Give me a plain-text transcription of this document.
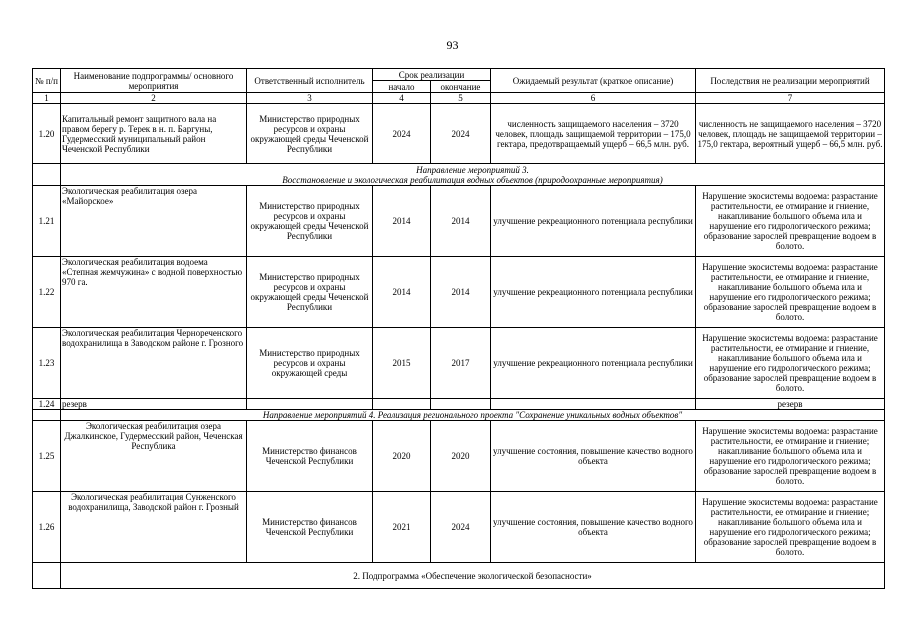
93
№ п/п	Наименование подпрограммы/ основного мероприятия	Ответственный исполнитель	Срок реализации		Ожидаемый результат (краткое описание)	Последствия не реализации мероприятий
			начало	окончание		
1	2	3	4	5	6	7
1.20	Капитальный ремонт защитного вала на правом берегу р. Терек в н. п. Баргуны, Гудермесский муниципальный район Чеченской Республики	Министерство природных ресурсов и охраны окружающей среды Чеченской Республики	2024	2024	численность защищаемого населения – 3720 человек, площадь защищаемой территории – 175,0 гектара, предотвращаемый ущерб – 66,5 млн. руб.	численность не защищаемого населения – 3720 человек, площадь не защищаемой территории – 175,0 гектара, вероятный ущерб – 66,5 млн. руб.

	Направление мероприятий 3.
Восстановление и экологическая реабилитация водных объектов (природоохранные мероприятия)					

1.21	Экологическая реабилитация озера «Майорское»	Министерство природных ресурсов и охраны окружающей среды Чеченской Республики	2014	2014	улучшение рекреационного потенциала республики	Нарушение экосистемы водоема: разрастание растительности, ее отмирание и гниение, накапливание большого объема ила и нарушение его гидрологического режима; образование зарослей превращение водоем в болото.
1.22	Экологическая реабилитация водоема «Степная жемчужина» с водной поверхностью 970 га.	Министерство природных ресурсов и охраны окружающей среды Чеченской Республики	2014	2014	улучшение рекреационного потенциала республики	Нарушение экосистемы водоема: разрастание растительности, ее отмирание и гниение, накапливание большого объема ила и нарушение его гидрологического режима; образование зарослей превращение водоем в болото.
1.23	Экологическая реабилитация Чернореченского водохранилища в Заводском районе г. Грозного	Министерство природных ресурсов и охраны окружающей среды	2015	2017	улучшение рекреационного потенциала республики	Нарушение экосистемы водоема: разрастание растительности, ее отмирание и гниение, накапливание большого объема ила и нарушение его гидрологического режима; образование зарослей превращение водоем в болото.
1.24	резерв					резерв
	Направление мероприятий 4. Реализация регионального проекта "Сохранение уникальных водных объектов"					
1.25	Экологическая реабилитация озера Джалкинское, Гудермесский район, Чеченская Республика	Министерство финансов Чеченской Республики	2020	2020	улучшение состояния, повышение качество водного объекта	Нарушение экосистемы водоема: разрастание растительности, ее отмирание и гниение; накапливание большого объема ила и нарушение его гидрологического режима; образование зарослей превращение водоем в болото.
1.26	Экологическая реабилитация Сунженского водохранилища, Заводской район г. Грозный	Министерство финансов Чеченской Республики	2021	2024	улучшение состояния, повышение качество водного объекта	Нарушение экосистемы водоема: разрастание растительности, ее отмирание и гниение; накапливание большого объема ила и нарушение его гидрологического режима; образование зарослей превращение водоем в болото.
	2. Подпрограмма «Обеспечение экологической безопасности»					
